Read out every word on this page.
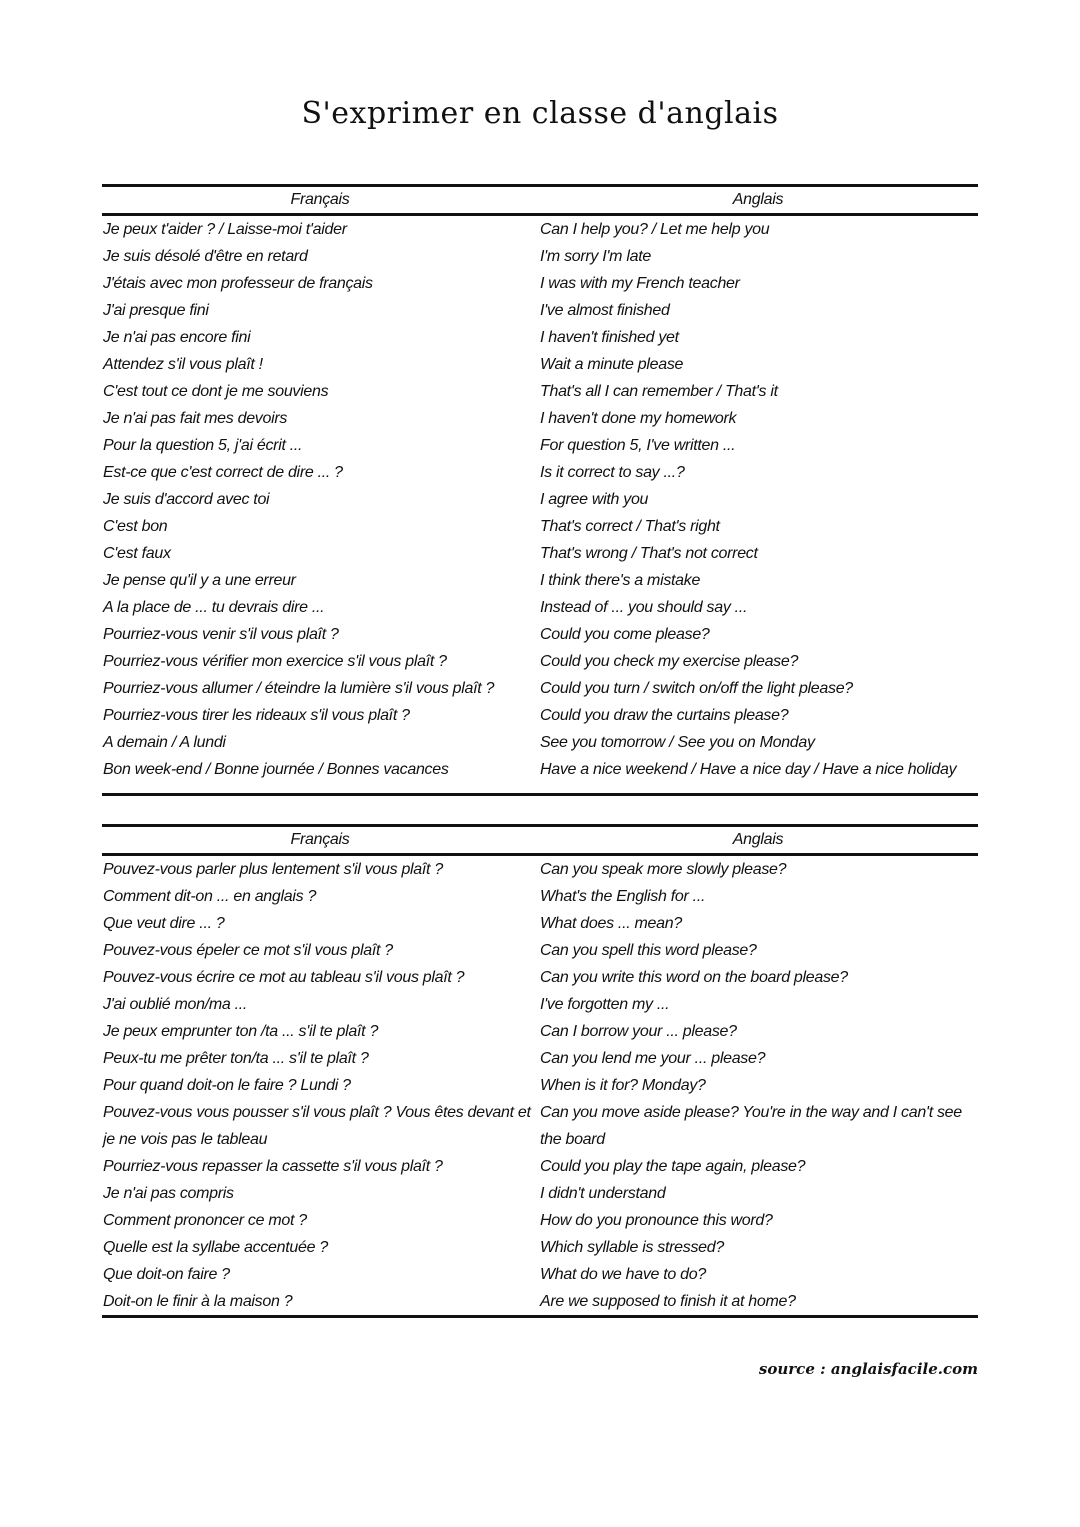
S'exprimer en classe d'anglais
Français	Anglais
Je peux t'aider ? / Laisse-moi t'aider	Can I help you? / Let me help you
Je suis désolé d'être en retard	I'm sorry I'm late
J'étais avec mon professeur de français	I was with my French teacher
J'ai presque fini	I've almost finished
Je n'ai pas encore fini	I haven't finished yet
Attendez s'il vous plaît !	Wait a minute please
C'est tout ce dont je me souviens	That's all I can remember / That's it
Je n'ai pas fait mes devoirs	I haven't done my homework
Pour la question 5, j'ai écrit ...	For question 5, I've written ...
Est-ce que c'est correct de dire ... ?	Is it correct to say ...?
Je suis d'accord avec toi	I agree with you
C'est bon	That's correct / That's right
C'est faux	That's wrong / That's not correct
Je pense qu'il y a une erreur	I think there's a mistake
A la place de ... tu devrais dire ...	Instead of ... you should say ...
Pourriez-vous venir s'il vous plaît ?	Could you come please?
Pourriez-vous vérifier mon exercice s'il vous plaît ?	Could you check my exercise please?
Pourriez-vous allumer / éteindre la lumière s'il vous plaît ?	Could you turn / switch on/off the light please?
Pourriez-vous tirer les rideaux s'il vous plaît ?	Could you draw the curtains please?
A demain / A lundi	See you tomorrow / See you on Monday
Bon week-end / Bonne journée / Bonnes vacances	Have a nice weekend / Have a nice day / Have a nice holiday

Français	Anglais
Pouvez-vous parler plus lentement s'il vous plaît ?	Can you speak more slowly please?
Comment dit-on ... en anglais ?	What's the English for ...
Que veut dire ... ?	What does ... mean?
Pouvez-vous épeler ce mot s'il vous plaît ?	Can you spell this word please?
Pouvez-vous écrire ce mot au tableau s'il vous plaît ?	Can you write this word on the board please?
J'ai oublié mon/ma ...	I've forgotten my ...
Je peux emprunter ton /ta ... s'il te plaît ?	Can I borrow your ... please?
Peux-tu me prêter ton/ta ... s'il te plaît ?	Can you lend me your ... please?
Pour quand doit-on le faire ? Lundi ?	When is it for? Monday?
Pouvez-vous vous pousser s'il vous plaît ? Vous êtes devant et je ne vois pas le tableau	Can you move aside please? You're in the way and I can't see the board
Pourriez-vous repasser la cassette s'il vous plaît ?	Could you play the tape again, please?
Je n'ai pas compris	I didn't understand
Comment prononcer ce mot ?	How do you pronounce this word?
Quelle est la syllabe accentuée ?	Which syllable is stressed?
Que doit-on faire ?	What do we have to do?
Doit-on le finir à la maison ?	Are we supposed to finish it at home?

source : anglaisfacile.com
